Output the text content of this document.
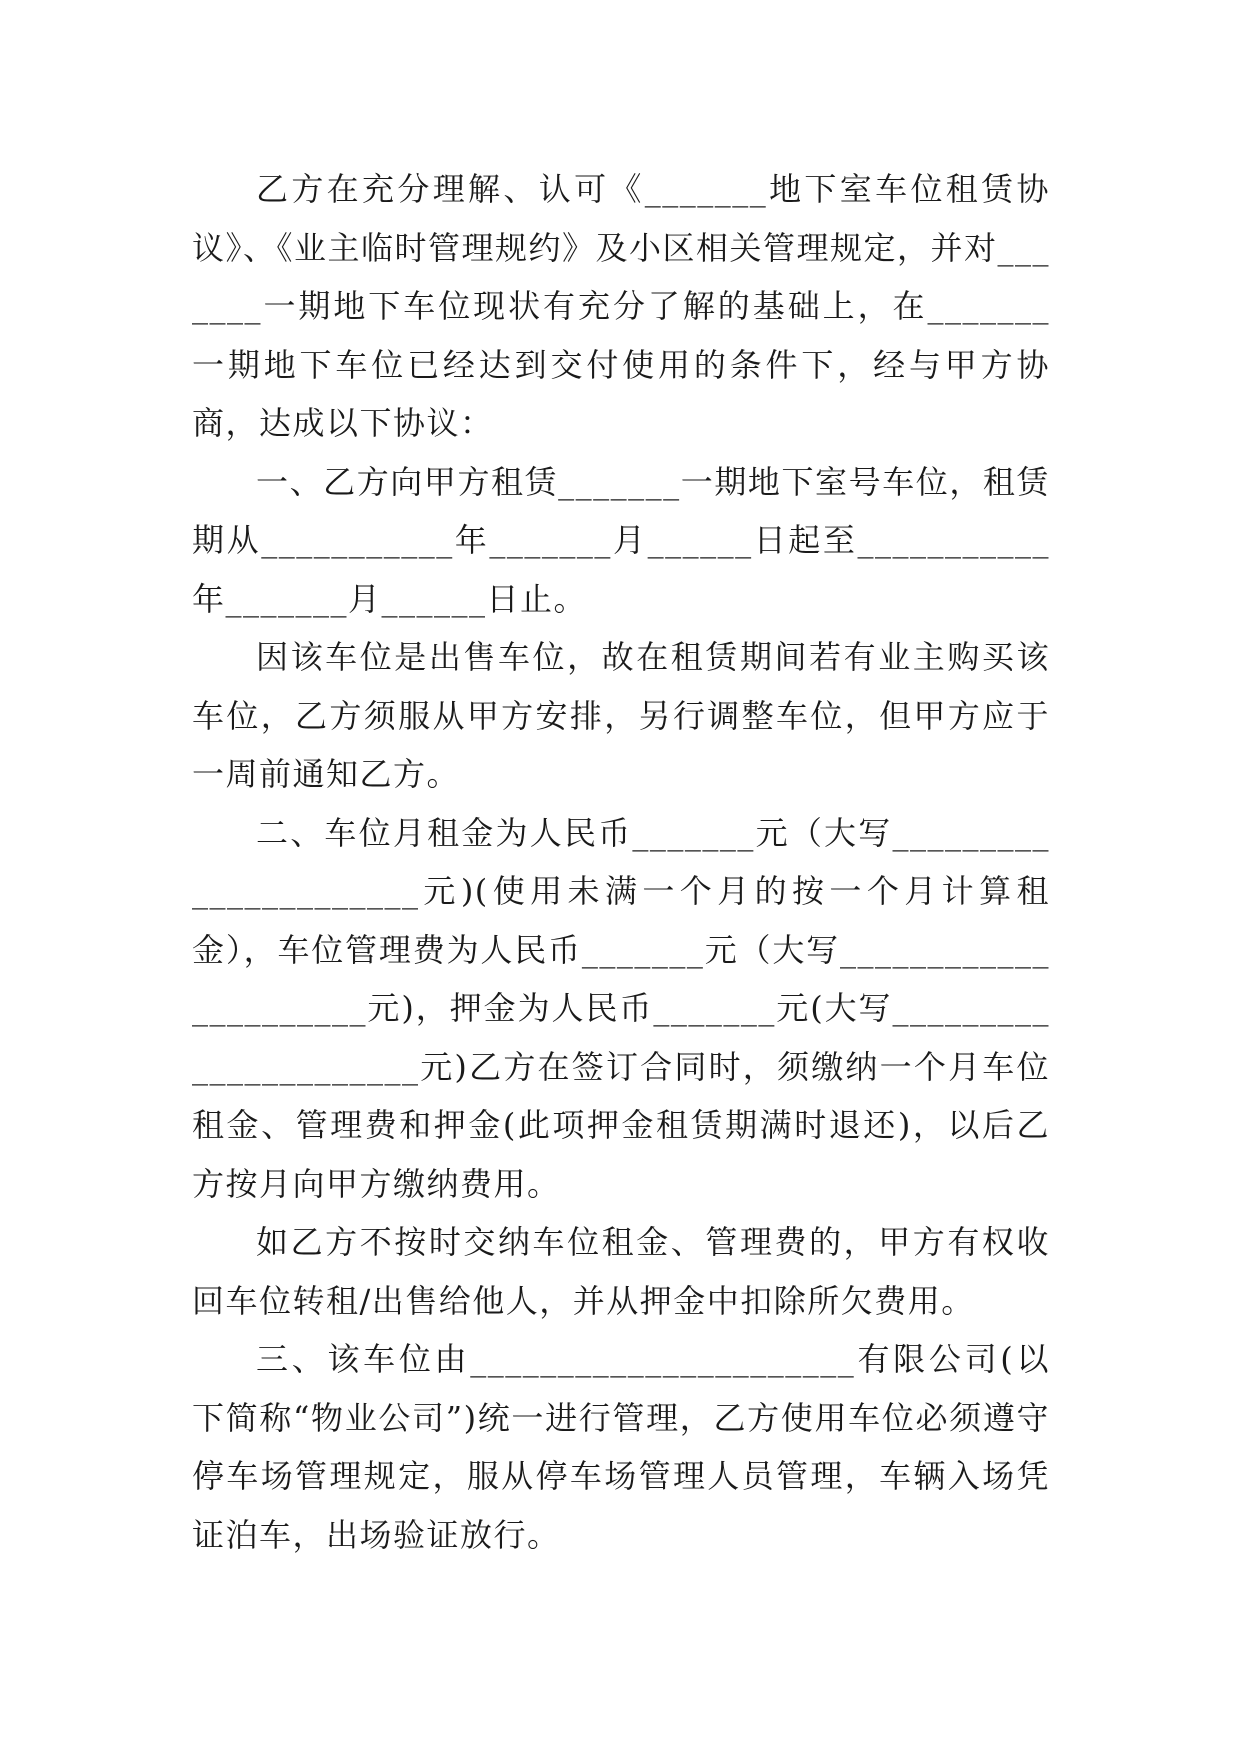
乙方在充分理解、认可《_______地下室车位租赁协议》、《业主临时管理规约》及小区相关管理规定，并对_______一期地下车位现状有充分了解的基础上，在_______一期地下车位已经达到交付使用的条件下，经与甲方协商，达成以下协议：

一、乙方向甲方租赁_______一期地下室号车位，租赁期从___________年_______月______日起至___________年_______月______日止。

因该车位是出售车位，故在租赁期间若有业主购买该车位，乙方须服从甲方安排，另行调整车位，但甲方应于一周前通知乙方。

二、车位月租金为人民币_______元（大写______________________元)(使用未满一个月的按一个月计算租金），车位管理费为人民币_______元（大写______________________元)，押金为人民币_______元(大写______________________元)乙方在签订合同时，须缴纳一个月车位租金、管理费和押金(此项押金租赁期满时退还)，以后乙方按月向甲方缴纳费用。

如乙方不按时交纳车位租金、管理费的，甲方有权收回车位转租/出售给他人，并从押金中扣除所欠费用。

三、该车位由______________________有限公司(以下简称“物业公司”)统一进行管理，乙方使用车位必须遵守停车场管理规定，服从停车场管理人员管理，车辆入场凭证泊车，出场验证放行。
